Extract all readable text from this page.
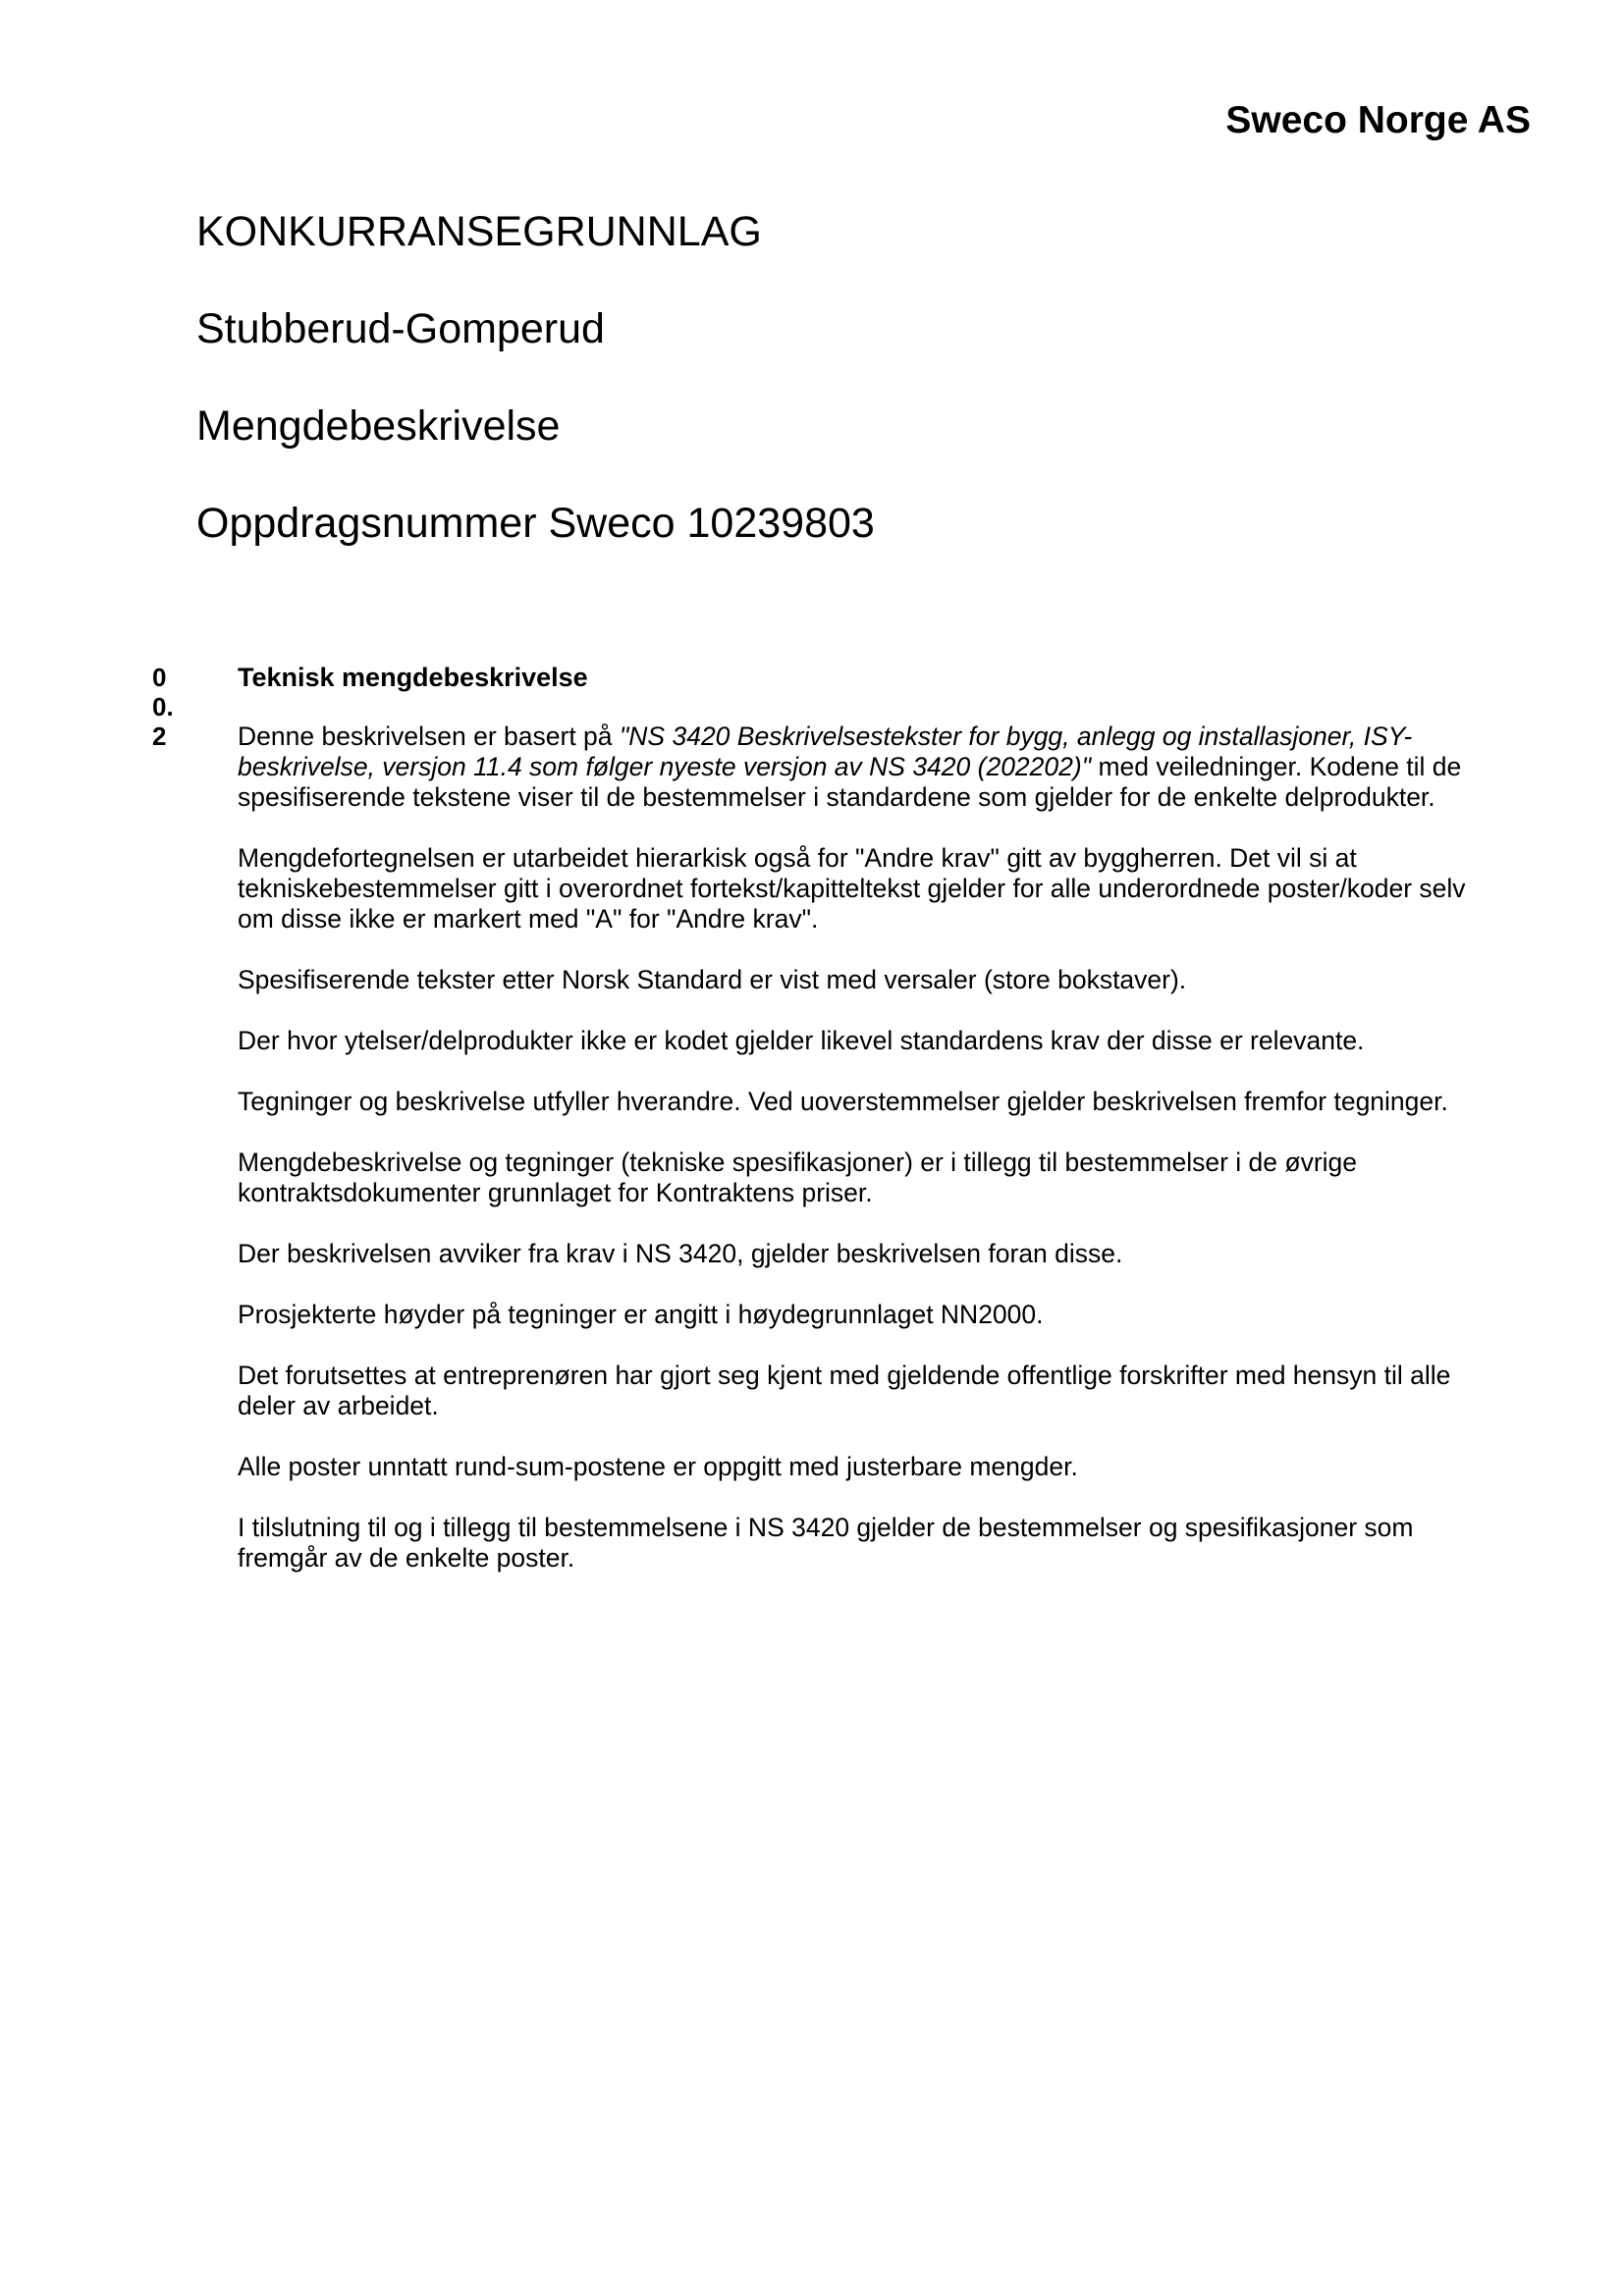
Sweco Norge AS
KONKURRANSEGRUNNLAG
Stubberud-Gomperud
Mengdebeskrivelse
Oppdragsnummer Sweco 10239803
0
0.
2
Teknisk mengdebeskrivelse

Denne beskrivelsen er basert på "NS 3420 Beskrivelsestekster for bygg, anlegg og installasjoner, ISY-beskrivelse, versjon 11.4 som følger nyeste versjon av NS 3420 (202202)" med veiledninger. Kodene til de spesifiserende tekstene viser til de bestemmelser i standardene som gjelder for de enkelte delprodukter.

Mengdefortegnelsen er utarbeidet hierarkisk også for "Andre krav" gitt av byggherren. Det vil si at tekniskebestemmelser gitt i overordnet fortekst/kapitteltekst gjelder for alle underordnede poster/koder selv om disse ikke er markert med "A" for "Andre krav".

Spesifiserende tekster etter Norsk Standard er vist med versaler (store bokstaver).

Der hvor ytelser/delprodukter ikke er kodet gjelder likevel standardens krav der disse er relevante.

Tegninger og beskrivelse utfyller hverandre. Ved uoverstemmelser gjelder beskrivelsen fremfor tegninger.

Mengdebeskrivelse og tegninger (tekniske spesifikasjoner) er i tillegg til bestemmelser i de øvrige kontraktsdokumenter grunnlaget for Kontraktens priser.

Der beskrivelsen avviker fra krav i NS 3420, gjelder beskrivelsen foran disse.

Prosjekterte høyder på tegninger er angitt i høydegrunnlaget NN2000.

Det forutsettes at entreprenøren har gjort seg kjent med gjeldende offentlige forskrifter med hensyn til alle deler av arbeidet.

Alle poster unntatt rund-sum-postene er oppgitt med justerbare mengder.

I tilslutning til og i tillegg til bestemmelsene i NS 3420 gjelder de bestemmelser og spesifikasjoner som fremgår av de enkelte poster.
